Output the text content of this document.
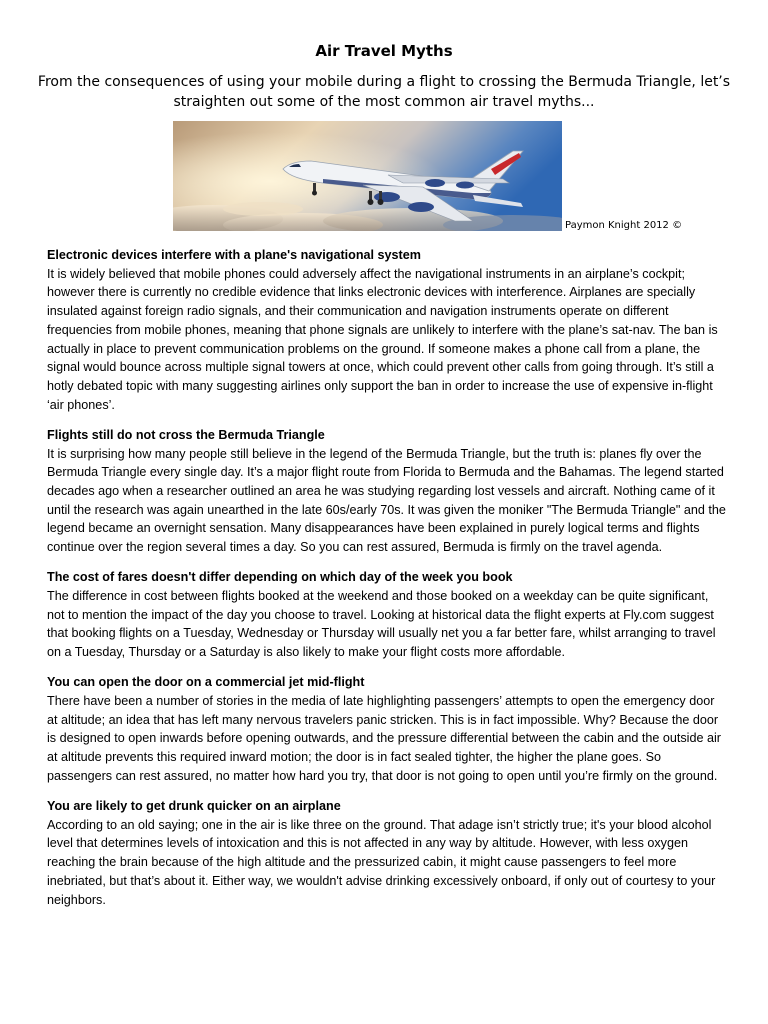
Air Travel Myths
From the consequences of using your mobile during a flight to crossing the Bermuda Triangle, let’s straighten out some of the most common air travel myths...
Paymon Knight 2012 ©
Electronic devices interfere with a plane's navigational system

It is widely believed that mobile phones could adversely affect the navigational instruments in an airplane’s cockpit; however there is currently no credible evidence that links electronic devices with interference. Airplanes are specially insulated against foreign radio signals, and their communication and navigation instruments operate on different frequencies from mobile phones, meaning that phone signals are unlikely to interfere with the plane’s sat-nav. The ban is actually in place to prevent communication problems on the ground. If someone makes a phone call from a plane, the signal would bounce across multiple signal towers at once, which could prevent other calls from going through. It’s still a hotly debated topic with many suggesting airlines only support the ban in order to increase the use of expensive in-flight ‘air phones’.

Flights still do not cross the Bermuda Triangle

It is surprising how many people still believe in the legend of the Bermuda Triangle, but the truth is: planes fly over the Bermuda Triangle every single day. It’s a major flight route from Florida to Bermuda and the Bahamas. The legend started decades ago when a researcher outlined an area he was studying regarding lost vessels and aircraft. Nothing came of it until the research was again unearthed in the late 60s/early 70s. It was given the moniker "The Bermuda Triangle" and the legend became an overnight sensation. Many disappearances have been explained in purely logical terms and flights continue over the region several times a day. So you can rest assured, Bermuda is firmly on the travel agenda.

The cost of fares doesn't differ depending on which day of the week you book

The difference in cost between flights booked at the weekend and those booked on a weekday can be quite significant, not to mention the impact of the day you choose to travel. Looking at historical data the flight experts at Fly.com suggest that booking flights on a Tuesday, Wednesday or Thursday will usually net you a far better fare, whilst arranging to travel on a Tuesday, Thursday or a Saturday is also likely to make your flight costs more affordable.

You can open the door on a commercial jet mid-flight

There have been a number of stories in the media of late highlighting passengers’ attempts to open the emergency door at altitude; an idea that has left many nervous travelers panic stricken. This is in fact impossible. Why? Because the door is designed to open inwards before opening outwards, and the pressure differential between the cabin and the outside air at altitude prevents this required inward motion; the door is in fact sealed tighter, the higher the plane goes. So passengers can rest assured, no matter how hard you try, that door is not going to open until you’re firmly on the ground.

You are likely to get drunk quicker on an airplane

According to an old saying; one in the air is like three on the ground. That adage isn’t strictly true; it's your blood alcohol level that determines levels of intoxication and this is not affected in any way by altitude. However, with less oxygen reaching the brain because of the high altitude and the pressurized cabin, it might cause passengers to feel more inebriated, but that’s about it. Either way, we wouldn't advise drinking excessively onboard, if only out of courtesy to your neighbors.
